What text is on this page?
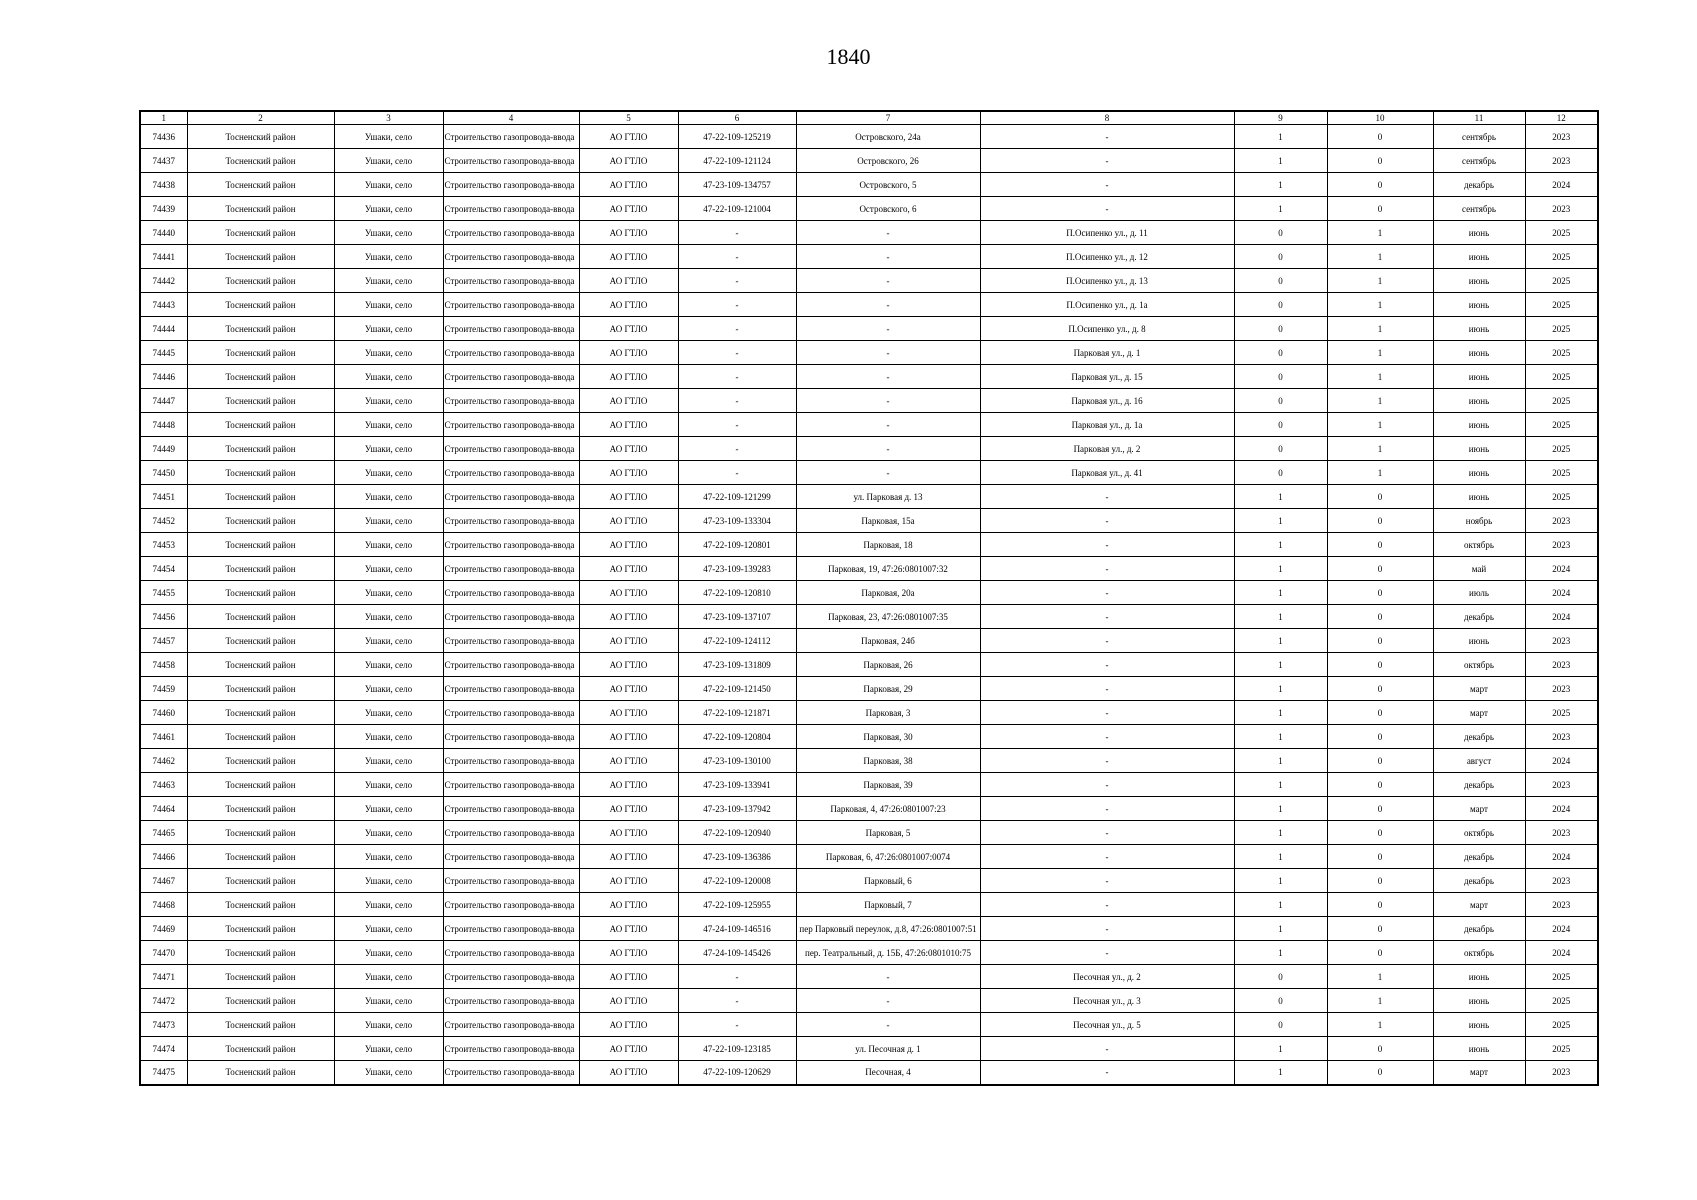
1840
1	2	3	4	5	6	7	8	9	10	11	12
74436	Тосненский район	Ушаки, село	Строительство газопровода-ввода	АО ГТЛО	47-22-109-125219	Островского, 24а	-	1	0	сентябрь	2023
74437	Тосненский район	Ушаки, село	Строительство газопровода-ввода	АО ГТЛО	47-22-109-121124	Островского, 26	-	1	0	сентябрь	2023
74438	Тосненский район	Ушаки, село	Строительство газопровода-ввода	АО ГТЛО	47-23-109-134757	Островского, 5	-	1	0	декабрь	2024
74439	Тосненский район	Ушаки, село	Строительство газопровода-ввода	АО ГТЛО	47-22-109-121004	Островского, 6	-	1	0	сентябрь	2023
74440	Тосненский район	Ушаки, село	Строительство газопровода-ввода	АО ГТЛО	-	-	П.Осипенко ул., д. 11	0	1	июнь	2025
74441	Тосненский район	Ушаки, село	Строительство газопровода-ввода	АО ГТЛО	-	-	П.Осипенко ул., д. 12	0	1	июнь	2025
74442	Тосненский район	Ушаки, село	Строительство газопровода-ввода	АО ГТЛО	-	-	П.Осипенко ул., д. 13	0	1	июнь	2025
74443	Тосненский район	Ушаки, село	Строительство газопровода-ввода	АО ГТЛО	-	-	П.Осипенко ул., д. 1а	0	1	июнь	2025
74444	Тосненский район	Ушаки, село	Строительство газопровода-ввода	АО ГТЛО	-	-	П.Осипенко ул., д. 8	0	1	июнь	2025
74445	Тосненский район	Ушаки, село	Строительство газопровода-ввода	АО ГТЛО	-	-	Парковая ул., д. 1	0	1	июнь	2025
74446	Тосненский район	Ушаки, село	Строительство газопровода-ввода	АО ГТЛО	-	-	Парковая ул., д. 15	0	1	июнь	2025
74447	Тосненский район	Ушаки, село	Строительство газопровода-ввода	АО ГТЛО	-	-	Парковая ул., д. 16	0	1	июнь	2025
74448	Тосненский район	Ушаки, село	Строительство газопровода-ввода	АО ГТЛО	-	-	Парковая ул., д. 1а	0	1	июнь	2025
74449	Тосненский район	Ушаки, село	Строительство газопровода-ввода	АО ГТЛО	-	-	Парковая ул., д. 2	0	1	июнь	2025
74450	Тосненский район	Ушаки, село	Строительство газопровода-ввода	АО ГТЛО	-	-	Парковая ул., д. 41	0	1	июнь	2025
74451	Тосненский район	Ушаки, село	Строительство газопровода-ввода	АО ГТЛО	47-22-109-121299	ул. Парковая д. 13	-	1	0	июнь	2025
74452	Тосненский район	Ушаки, село	Строительство газопровода-ввода	АО ГТЛО	47-23-109-133304	Парковая, 15а	-	1	0	ноябрь	2023
74453	Тосненский район	Ушаки, село	Строительство газопровода-ввода	АО ГТЛО	47-22-109-120801	Парковая, 18	-	1	0	октябрь	2023
74454	Тосненский район	Ушаки, село	Строительство газопровода-ввода	АО ГТЛО	47-23-109-139283	Парковая, 19, 47:26:0801007:32	-	1	0	май	2024
74455	Тосненский район	Ушаки, село	Строительство газопровода-ввода	АО ГТЛО	47-22-109-120810	Парковая, 20а	-	1	0	июль	2024
74456	Тосненский район	Ушаки, село	Строительство газопровода-ввода	АО ГТЛО	47-23-109-137107	Парковая, 23, 47:26:0801007:35	-	1	0	декабрь	2024
74457	Тосненский район	Ушаки, село	Строительство газопровода-ввода	АО ГТЛО	47-22-109-124112	Парковая, 24б	-	1	0	июнь	2023
74458	Тосненский район	Ушаки, село	Строительство газопровода-ввода	АО ГТЛО	47-23-109-131809	Парковая, 26	-	1	0	октябрь	2023
74459	Тосненский район	Ушаки, село	Строительство газопровода-ввода	АО ГТЛО	47-22-109-121450	Парковая, 29	-	1	0	март	2023
74460	Тосненский район	Ушаки, село	Строительство газопровода-ввода	АО ГТЛО	47-22-109-121871	Парковая, 3	-	1	0	март	2025
74461	Тосненский район	Ушаки, село	Строительство газопровода-ввода	АО ГТЛО	47-22-109-120804	Парковая, 30	-	1	0	декабрь	2023
74462	Тосненский район	Ушаки, село	Строительство газопровода-ввода	АО ГТЛО	47-23-109-130100	Парковая, 38	-	1	0	август	2024
74463	Тосненский район	Ушаки, село	Строительство газопровода-ввода	АО ГТЛО	47-23-109-133941	Парковая, 39	-	1	0	декабрь	2023
74464	Тосненский район	Ушаки, село	Строительство газопровода-ввода	АО ГТЛО	47-23-109-137942	Парковая, 4, 47:26:0801007:23	-	1	0	март	2024
74465	Тосненский район	Ушаки, село	Строительство газопровода-ввода	АО ГТЛО	47-22-109-120940	Парковая, 5	-	1	0	октябрь	2023
74466	Тосненский район	Ушаки, село	Строительство газопровода-ввода	АО ГТЛО	47-23-109-136386	Парковая, 6, 47:26:0801007:0074	-	1	0	декабрь	2024
74467	Тосненский район	Ушаки, село	Строительство газопровода-ввода	АО ГТЛО	47-22-109-120008	Парковый, 6	-	1	0	декабрь	2023
74468	Тосненский район	Ушаки, село	Строительство газопровода-ввода	АО ГТЛО	47-22-109-125955	Парковый, 7	-	1	0	март	2023
74469	Тосненский район	Ушаки, село	Строительство газопровода-ввода	АО ГТЛО	47-24-109-146516	пер Парковый переулок, д.8, 47:26:0801007:51	-	1	0	декабрь	2024
74470	Тосненский район	Ушаки, село	Строительство газопровода-ввода	АО ГТЛО	47-24-109-145426	пер. Театральный, д. 15Б, 47:26:0801010:75	-	1	0	октябрь	2024
74471	Тосненский район	Ушаки, село	Строительство газопровода-ввода	АО ГТЛО	-	-	Песочная ул., д. 2	0	1	июнь	2025
74472	Тосненский район	Ушаки, село	Строительство газопровода-ввода	АО ГТЛО	-	-	Песочная ул., д. 3	0	1	июнь	2025
74473	Тосненский район	Ушаки, село	Строительство газопровода-ввода	АО ГТЛО	-	-	Песочная ул., д. 5	0	1	июнь	2025
74474	Тосненский район	Ушаки, село	Строительство газопровода-ввода	АО ГТЛО	47-22-109-123185	ул. Песочная д. 1	-	1	0	июнь	2025
74475	Тосненский район	Ушаки, село	Строительство газопровода-ввода	АО ГТЛО	47-22-109-120629	Песочная, 4	-	1	0	март	2023
